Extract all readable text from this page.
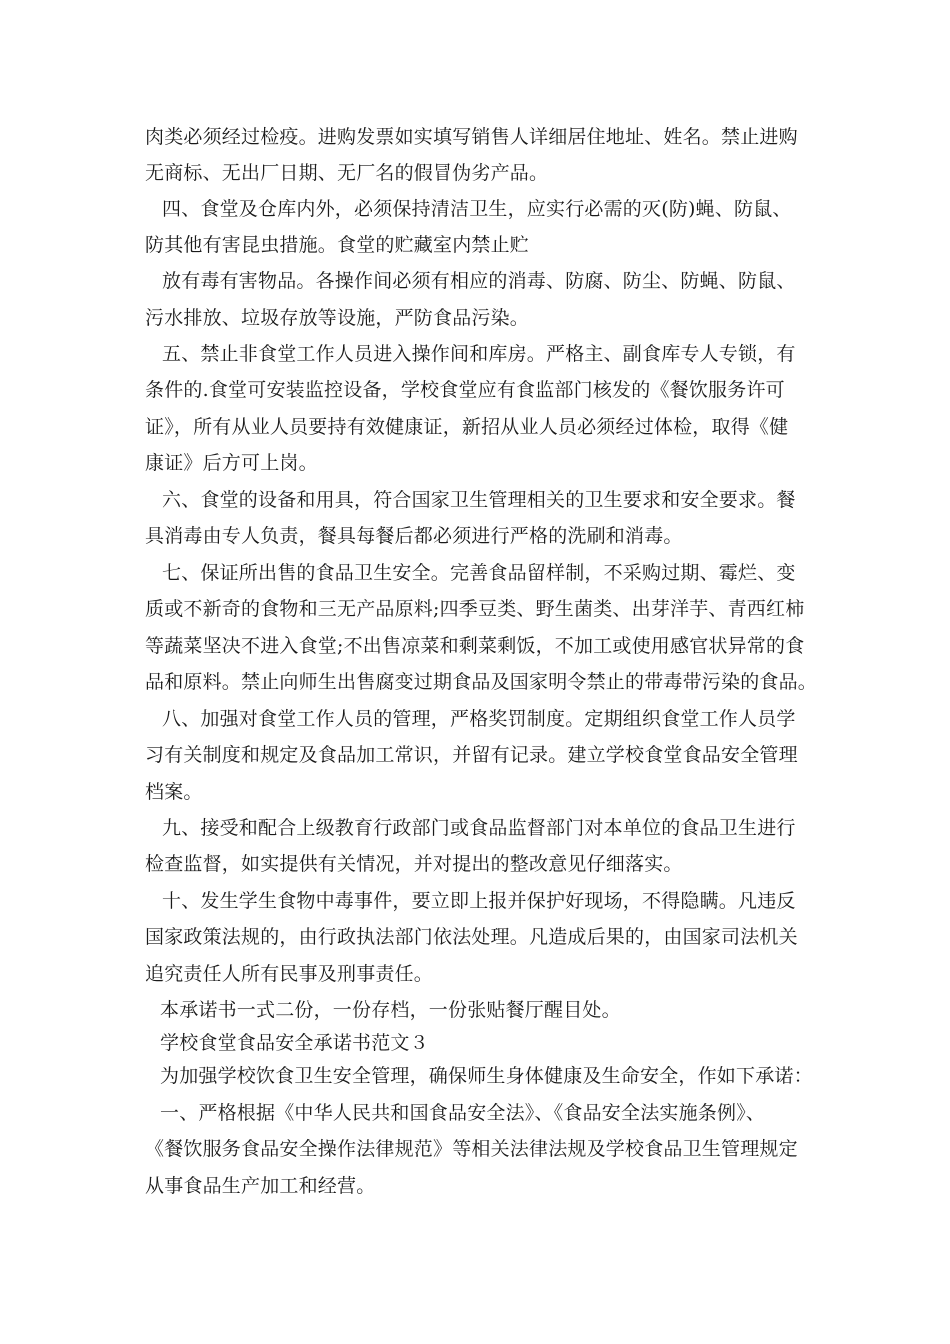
肉类必须经过检疫。进购发票如实填写销售人详细居住地址、姓名。禁止进购
无商标、无出厂日期、无厂名的假冒伪劣产品。
四、食堂及仓库内外，必须保持清洁卫生，应实行必需的灭(防)蝇、防鼠、
防其他有害昆虫措施。食堂的贮藏室内禁止贮
放有毒有害物品。各操作间必须有相应的消毒、防腐、防尘、防蝇、防鼠、
污水排放、垃圾存放等设施，严防食品污染。
五、禁止非食堂工作人员进入操作间和库房。严格主、副食库专人专锁，有
条件的.食堂可安装监控设备，学校食堂应有食监部门核发的《餐饮服务许可
证》，所有从业人员要持有效健康证，新招从业人员必须经过体检，取得《健
康证》后方可上岗。
六、食堂的设备和用具，符合国家卫生管理相关的卫生要求和安全要求。餐
具消毒由专人负责，餐具每餐后都必须进行严格的洗刷和消毒。
七、保证所出售的食品卫生安全。完善食品留样制，不采购过期、霉烂、变
质或不新奇的食物和三无产品原料;四季豆类、野生菌类、出芽洋芋、青西红柿
等蔬菜坚决不进入食堂;不出售凉菜和剩菜剩饭，不加工或使用感官状异常的食
品和原料。禁止向师生出售腐变过期食品及国家明令禁止的带毒带污染的食品。
八、加强对食堂工作人员的管理，严格奖罚制度。定期组织食堂工作人员学
习有关制度和规定及食品加工常识，并留有记录。建立学校食堂食品安全管理
档案。
九、接受和配合上级教育行政部门或食品监督部门对本单位的食品卫生进行
检查监督，如实提供有关情况，并对提出的整改意见仔细落实。
十、发生学生食物中毒事件，要立即上报并保护好现场，不得隐瞒。凡违反
国家政策法规的，由行政执法部门依法处理。凡造成后果的，由国家司法机关
追究责任人所有民事及刑事责任。
本承诺书一式二份，一份存档，一份张贴餐厅醒目处。
学校食堂食品安全承诺书范文３
为加强学校饮食卫生安全管理，确保师生身体健康及生命安全，作如下承诺：
一、严格根据《中华人民共和国食品安全法》、《食品安全法实施条例》、
《餐饮服务食品安全操作法律规范》等相关法律法规及学校食品卫生管理规定
从事食品生产加工和经营。
